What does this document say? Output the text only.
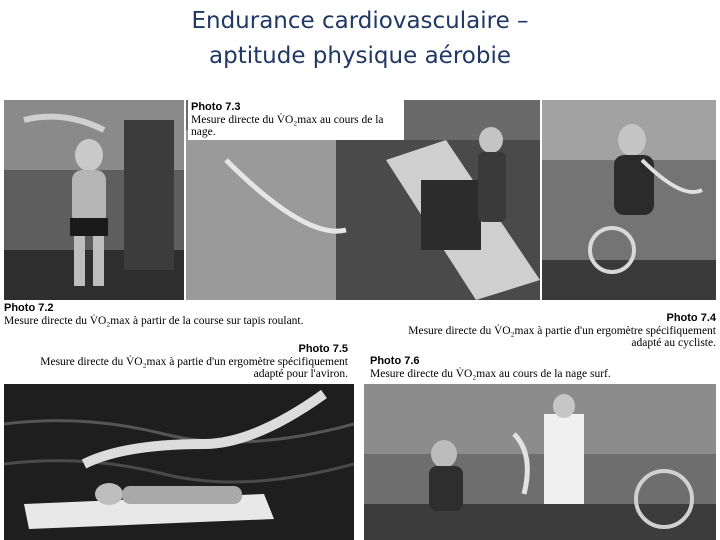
Endurance cardiovasculaire –
aptitude physique aérobie
Photo 7.3
Mesure directe du V̇O₂max au cours de la nage.
Photo 7.2
Mesure directe du V̇O₂max à partir de la course sur tapis roulant.	Photo 7.4
Mesure directe du V̇O₂max à partie d'un ergomètre spécifiquement adapté au cycliste.
Photo 7.5
Mesure directe du V̇O₂max à partie d'un ergomètre spécifiquement adapté pour l'aviron.
Photo 7.6
Mesure directe du V̇O₂max au cours de la nage surf.
